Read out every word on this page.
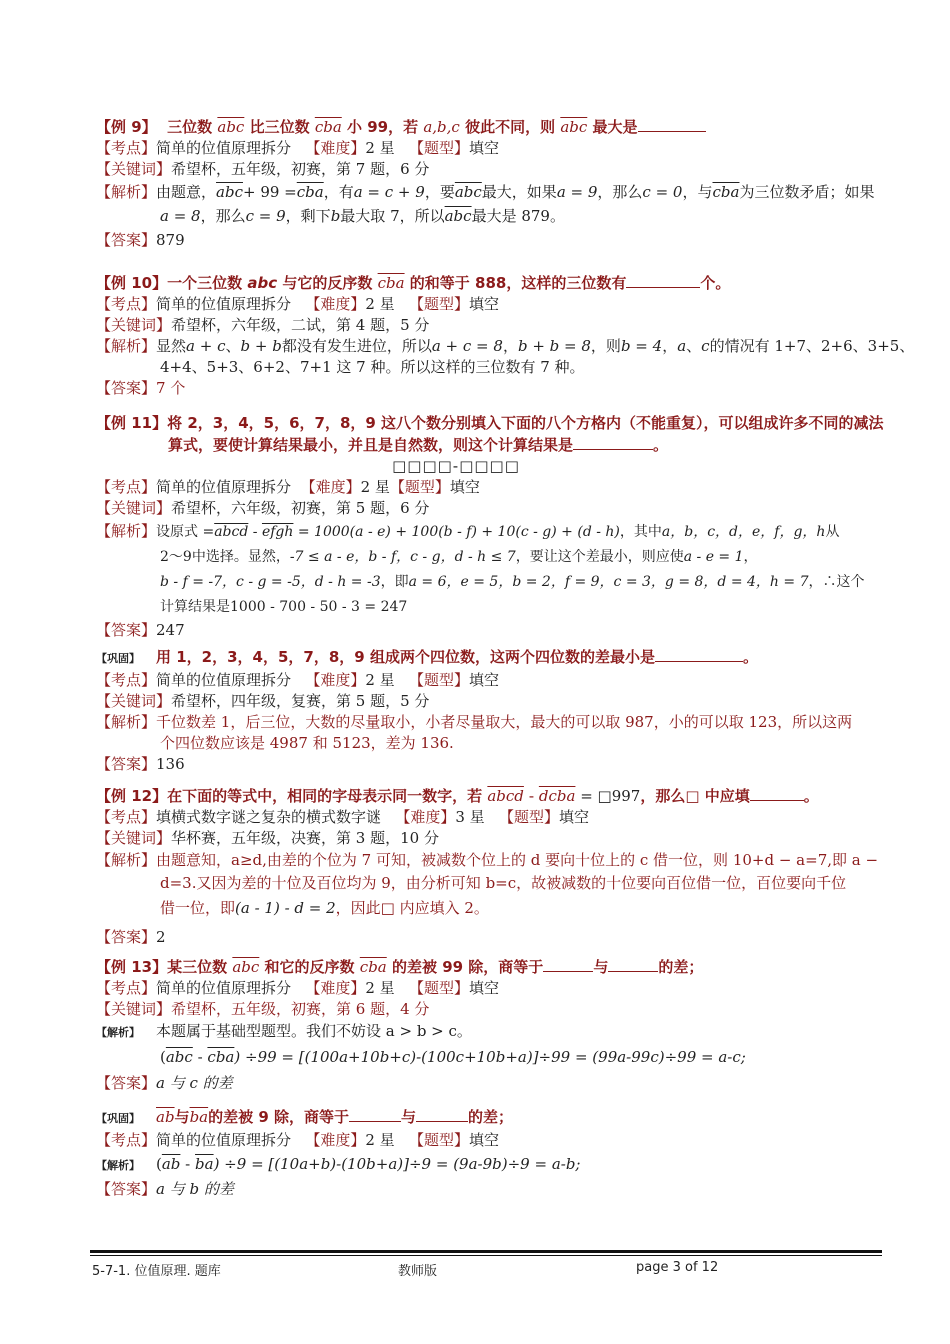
【例 9】 三位数 $\overline{abc}$ 比三位数 $\overline{cba}$ 小 99，若 a,b,c 彼此不同，则 $\overline{abc}$ 最大是
【考点】简单的位值原理拆分 【难度】2 星 【题型】填空
【关键词】希望杯，五年级，初赛，第 7 题，6 分
【解析】由题意，$\overline{abc}+ 99 =\overline{cba}$，有a = c + 9，要$\overline{abc}$最大，如果a = 9，那么c = 0，与$\overline{cba}$为三位数矛盾；如果
a = 8，那么c = 9，剩下b最大取 7，所以$\overline{abc}$最大是 879。
【答案】879
【例 10】一个三位数 abc 与它的反序数 $\overline{cba}$ 的和等于 888，这样的三位数有	个。
【考点】简单的位值原理拆分 【难度】2 星 【题型】填空
【关键词】希望杯，六年级，二试，第 4 题，5 分
【解析】显然a + c、b + b都没有发生进位，所以a + c = 8，b + b = 8，则b = 4，a、c的情况有 1+7、2+6、3+5、
4+4、5+3、6+2、7+1 这 7 种。所以这样的三位数有 7 种。
【答案】7 个
【例 11】将 2，3，4，5，6，7，8，9 这八个数分别填入下面的八个方格内（不能重复），可以组成许多不同的减法
算式，要使计算结果最小，并且是自然数，则这个计算结果是	。
□□□□-□□□□
【考点】简单的位值原理拆分 【难度】2 星【题型】填空
【关键词】希望杯，六年级，初赛，第 5 题，6 分
【解析】设原式 =abcd - efgh = 1000(a - e) + 100(b - f) + 10(c - g) + (d - h)，其中a，b，c，d，e，f，g，h从
2～9中选择。显然，-7 ≤ a - e，b - f，c - g，d - h ≤ 7，要让这个差最小，则应使a - e = 1，
b - f = -7，c - g = -5，d - h = -3，即a = 6，e = 5，b = 2，f = 9，c = 3，g = 8，d = 4，h = 7，∴这个
计算结果是1000 - 700 - 50 - 3 = 247
【答案】247
【巩固】 用 1，2，3，4，5，7，8，9 组成两个四位数，这两个四位数的差最小是	。
【考点】简单的位值原理拆分 【难度】2 星 【题型】填空
【关键词】希望杯，四年级，复赛，第 5 题，5 分
【解析】千位数差 1，后三位，大数的尽量取小，小者尽量取大，最大的可以取 987，小的可以取 123，所以这两
个四位数应该是 4987 和 5123，差为 136.
【答案】136
【例 12】在下面的等式中，相同的字母表示同一数字，若 abcd - dcba = □997，那么□ 中应填	。
【考点】填横式数字谜之复杂的横式数字谜 【难度】3 星 【题型】填空
【关键词】华杯赛，五年级，决赛，第 3 题，10 分
【解析】由题意知，a≥d,由差的个位为 7 可知，被减数个位上的 d 要向十位上的 c 借一位，则 10+d − a=7,即 a −
d=3.又因为差的十位及百位均为 9，由分析可知 b=c，故被减数的十位要向百位借一位，百位要向千位
借一位，即(a - 1) - d = 2，因此□ 内应填入 2。
【答案】2
【例 13】某三位数 $\overline{abc}$ 和它的反序数 $\overline{cba}$ 的差被 99 除，商等于	与	的差；
【考点】简单的位值原理拆分 【难度】2 星 【题型】填空
【关键词】希望杯，五年级，初赛，第 6 题，4 分
【解析】 本题属于基础型题型。我们不妨设 a > b > c。
$(\overline{abc} - \overline{cba}) \div 99 = [(100a+10b+c)-(100c+10b+a)]\div 99 = (99a-99c)\div 99 = a-c$;
【答案】a 与 c 的差
【巩固】 $\overline{ab}$与$\overline{ba}$的差被 9 除，商等于	与	的差；
【考点】简单的位值原理拆分 【难度】2 星 【题型】填空
【解析】 $(\overline{ab} - \overline{ba}) \div 9 = [(10a+b)-(10b+a)]\div 9 = (9a-9b)\div 9 = a-b$;
【答案】a 与 b 的差
5-7-1. 位值原理. 题库	教师版	page 3 of 12
